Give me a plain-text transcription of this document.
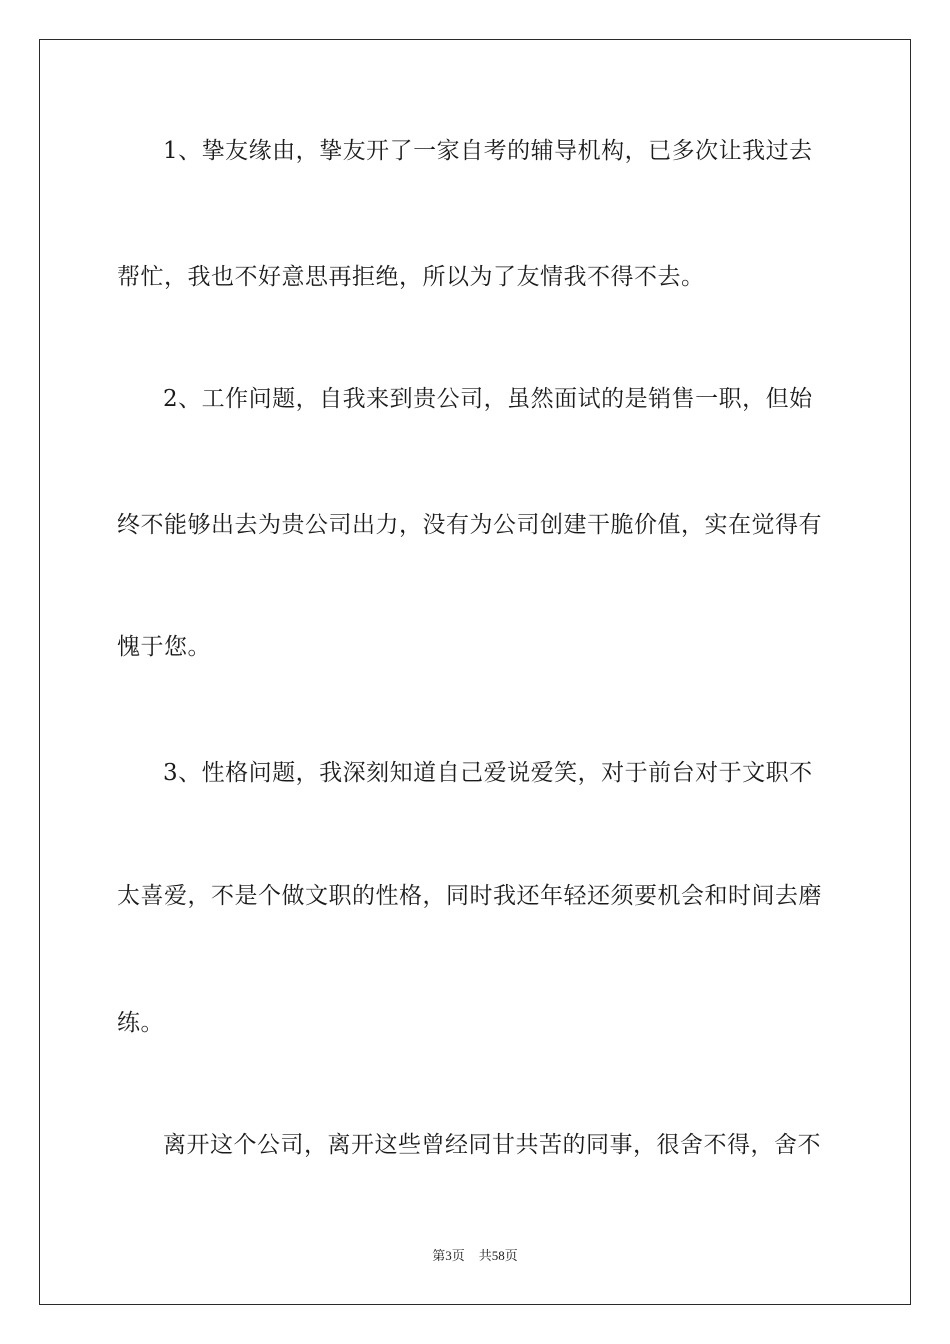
1、挚友缘由，挚友开了一家自考的辅导机构，已多次让我过去
帮忙，我也不好意思再拒绝，所以为了友情我不得不去。
2、工作问题，自我来到贵公司，虽然面试的是销售一职，但始
终不能够出去为贵公司出力，没有为公司创建干脆价值，实在觉得有
愧于您。
3、性格问题，我深刻知道自己爱说爱笑，对于前台对于文职不
太喜爱，不是个做文职的性格，同时我还年轻还须要机会和时间去磨
练。
离开这个公司，离开这些曾经同甘共苦的同事，很舍不得，舍不
第3页 共58页
